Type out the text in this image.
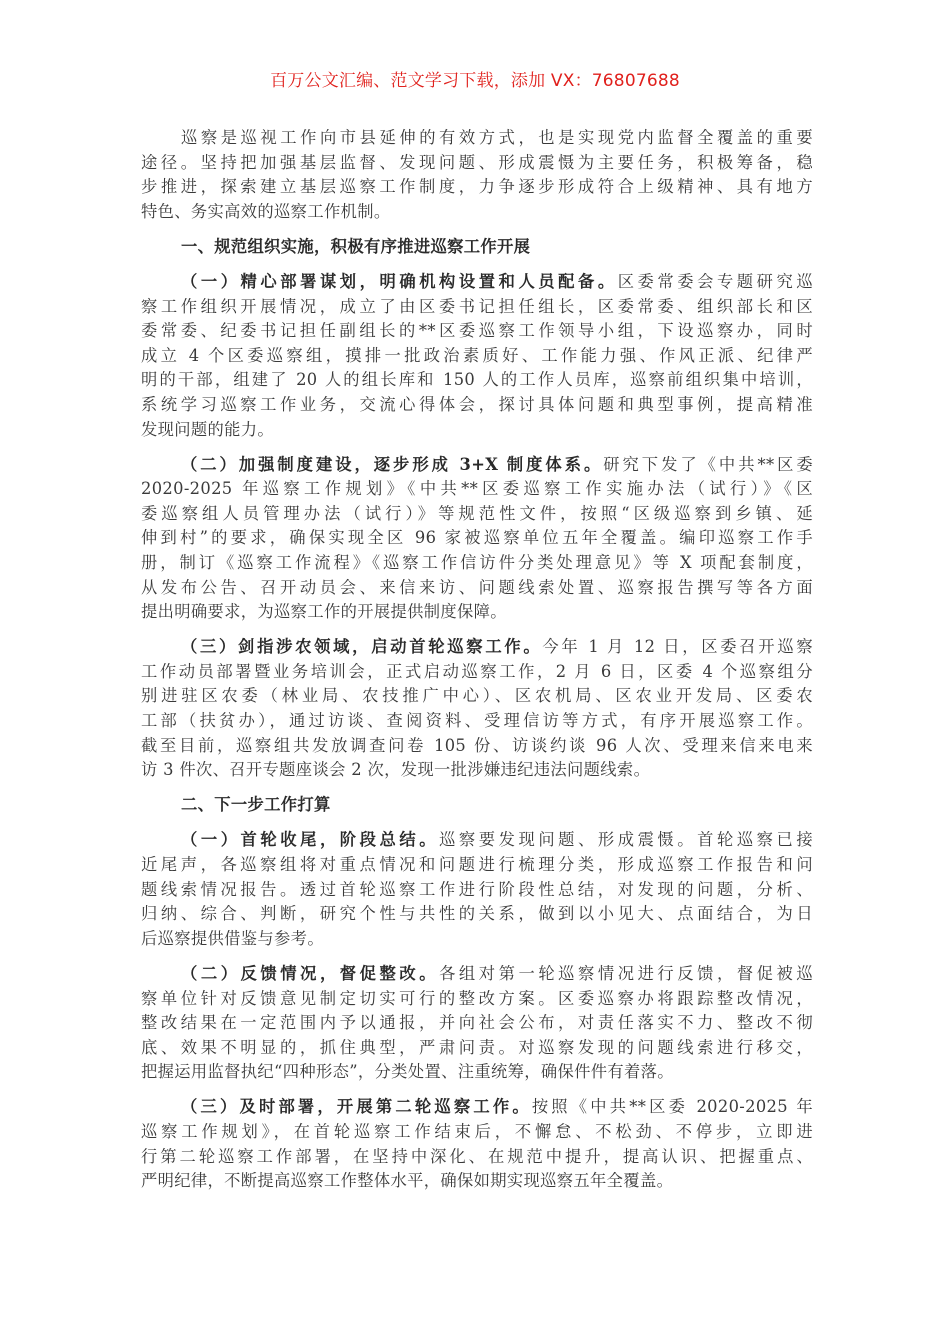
百万公文汇编、范文学习下载，添加 VX：76807688
巡察是巡视工作向市县延伸的有效方式，也是实现党内监督全覆盖的重要
途径。坚持把加强基层监督、发现问题、形成震慑为主要任务，积极筹备，稳
步推进，探索建立基层巡察工作制度，力争逐步形成符合上级精神、具有地方
特色、务实高效的巡察工作机制。
一、规范组织实施，积极有序推进巡察工作开展
（一）精心部署谋划，明确机构设置和人员配备。区委常委会专题研究巡
察工作组织开展情况，成立了由区委书记担任组长，区委常委、组织部长和区
委常委、纪委书记担任副组长的**区委巡察工作领导小组，下设巡察办，同时
成立 4 个区委巡察组，摸排一批政治素质好、工作能力强、作风正派、纪律严
明的干部，组建了 20 人的组长库和 150 人的工作人员库，巡察前组织集中培训，
系统学习巡察工作业务，交流心得体会，探讨具体问题和典型事例，提高精准
发现问题的能力。
（二）加强制度建设，逐步形成 3+X 制度体系。研究下发了《中共**区委
2020-2025 年巡察工作规划》《中共**区委巡察工作实施办法（试行）》《区
委巡察组人员管理办法（试行）》等规范性文件，按照“区级巡察到乡镇、延
伸到村”的要求，确保实现全区 96 家被巡察单位五年全覆盖。编印巡察工作手
册，制订《巡察工作流程》《巡察工作信访件分类处理意见》等 X 项配套制度，
从发布公告、召开动员会、来信来访、问题线索处置、巡察报告撰写等各方面
提出明确要求，为巡察工作的开展提供制度保障。
（三）剑指涉农领域，启动首轮巡察工作。今年 1 月 12 日，区委召开巡察
工作动员部署暨业务培训会，正式启动巡察工作，2 月 6 日，区委 4 个巡察组分
别进驻区农委（林业局、农技推广中心）、区农机局、区农业开发局、区委农
工部（扶贫办），通过访谈、查阅资料、受理信访等方式，有序开展巡察工作。
截至目前，巡察组共发放调查问卷 105 份、访谈约谈 96 人次、受理来信来电来
访 3 件次、召开专题座谈会 2 次，发现一批涉嫌违纪违法问题线索。
二、下一步工作打算
（一）首轮收尾，阶段总结。巡察要发现问题、形成震慑。首轮巡察已接
近尾声，各巡察组将对重点情况和问题进行梳理分类，形成巡察工作报告和问
题线索情况报告。透过首轮巡察工作进行阶段性总结，对发现的问题，分析、
归纳、综合、判断，研究个性与共性的关系，做到以小见大、点面结合，为日
后巡察提供借鉴与参考。
（二）反馈情况，督促整改。各组对第一轮巡察情况进行反馈，督促被巡
察单位针对反馈意见制定切实可行的整改方案。区委巡察办将跟踪整改情况，
整改结果在一定范围内予以通报，并向社会公布，对责任落实不力、整改不彻
底、效果不明显的，抓住典型，严肃问责。对巡察发现的问题线索进行移交，
把握运用监督执纪“四种形态”，分类处置、注重统筹，确保件件有着落。
（三）及时部署，开展第二轮巡察工作。按照《中共**区委 2020-2025 年
巡察工作规划》，在首轮巡察工作结束后，不懈怠、不松劲、不停步，立即进
行第二轮巡察工作部署，在坚持中深化、在规范中提升，提高认识、把握重点、
严明纪律，不断提高巡察工作整体水平，确保如期实现巡察五年全覆盖。
